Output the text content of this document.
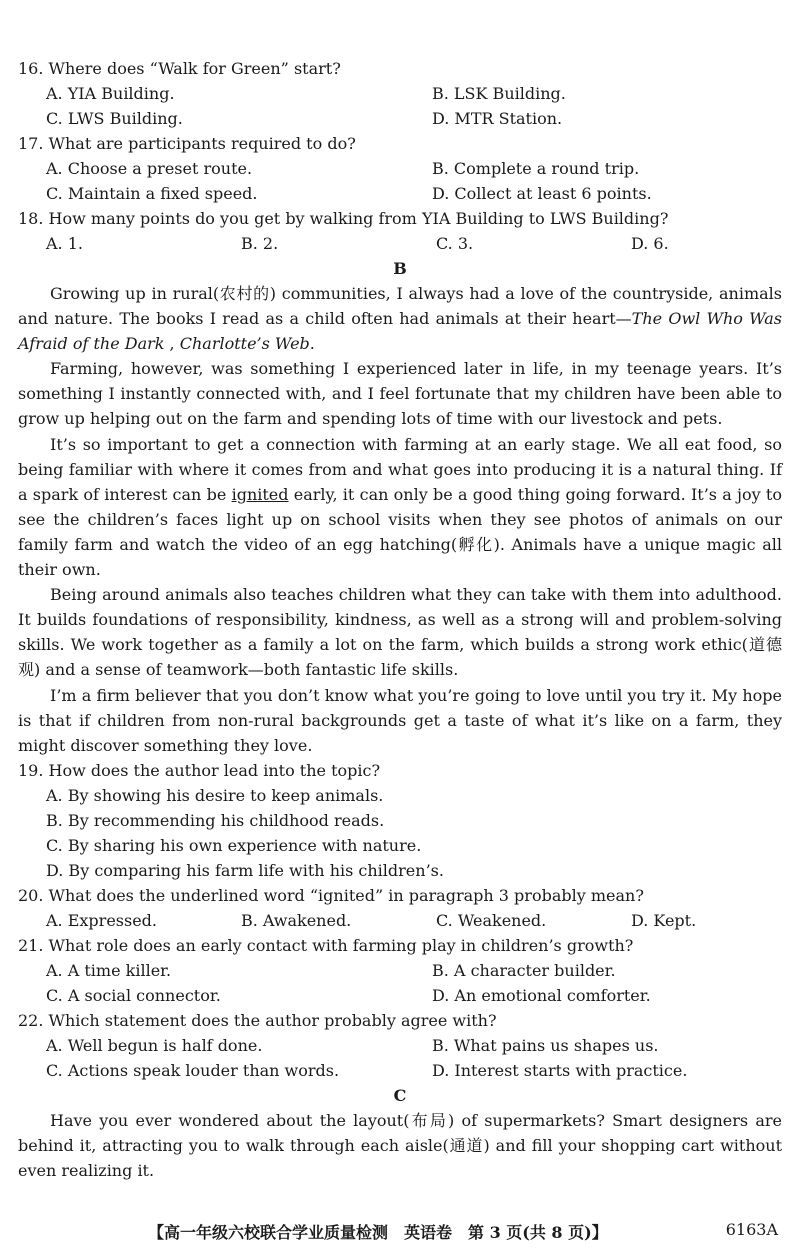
16. Where does “Walk for Green” start?
A. YIA Building.	B. LSK Building.
C. LWS Building.	D. MTR Station.
17. What are participants required to do?
A. Choose a preset route.	B. Complete a round trip.
C. Maintain a fixed speed.	D. Collect at least 6 points.
18. How many points do you get by walking from YIA Building to LWS Building?
A. 1.	B. 2.	C. 3.	D. 6.
B

Growing up in rural(农村的) communities, I always had a love of the countryside, animals and nature. The books I read as a child often had animals at their heart—The Owl Who Was Afraid of the Dark , Charlotte’s Web.

Farming, however, was something I experienced later in life, in my teenage years. It’s something I instantly connected with, and I feel fortunate that my children have been able to grow up helping out on the farm and spending lots of time with our livestock and pets.

It’s so important to get a connection with farming at an early stage. We all eat food, so being familiar with where it comes from and what goes into producing it is a natural thing. If a spark of interest can be ignited early, it can only be a good thing going forward. It’s a joy to see the children’s faces light up on school visits when they see photos of animals on our family farm and watch the video of an egg hatching(孵化). Animals have a unique magic all their own.

Being around animals also teaches children what they can take with them into adulthood. It builds foundations of responsibility, kindness, as well as a strong will and problem-solving skills. We work together as a family a lot on the farm, which builds a strong work ethic(道德观) and a sense of teamwork—both fantastic life skills.

I’m a firm believer that you don’t know what you’re going to love until you try it. My hope is that if children from non-rural backgrounds get a taste of what it’s like on a farm, they might discover something they love.

19. How does the author lead into the topic?
A. By showing his desire to keep animals.
B. By recommending his childhood reads.
C. By sharing his own experience with nature.
D. By comparing his farm life with his children’s.
20. What does the underlined word “ignited” in paragraph 3 probably mean?
A. Expressed.	B. Awakened.	C. Weakened.	D. Kept.
21. What role does an early contact with farming play in children’s growth?
A. A time killer.	B. A character builder.
C. A social connector.	D. An emotional comforter.
22. Which statement does the author probably agree with?
A. Well begun is half done.	B. What pains us shapes us.
C. Actions speak louder than words.	D. Interest starts with practice.
C

Have you ever wondered about the layout(布局) of supermarkets? Smart designers are behind it, attracting you to walk through each aisle(通道) and fill your shopping cart without even realizing it.

【高一年级六校联合学业质量检测　英语卷　第 3 页(共 8 页)】	6163A
